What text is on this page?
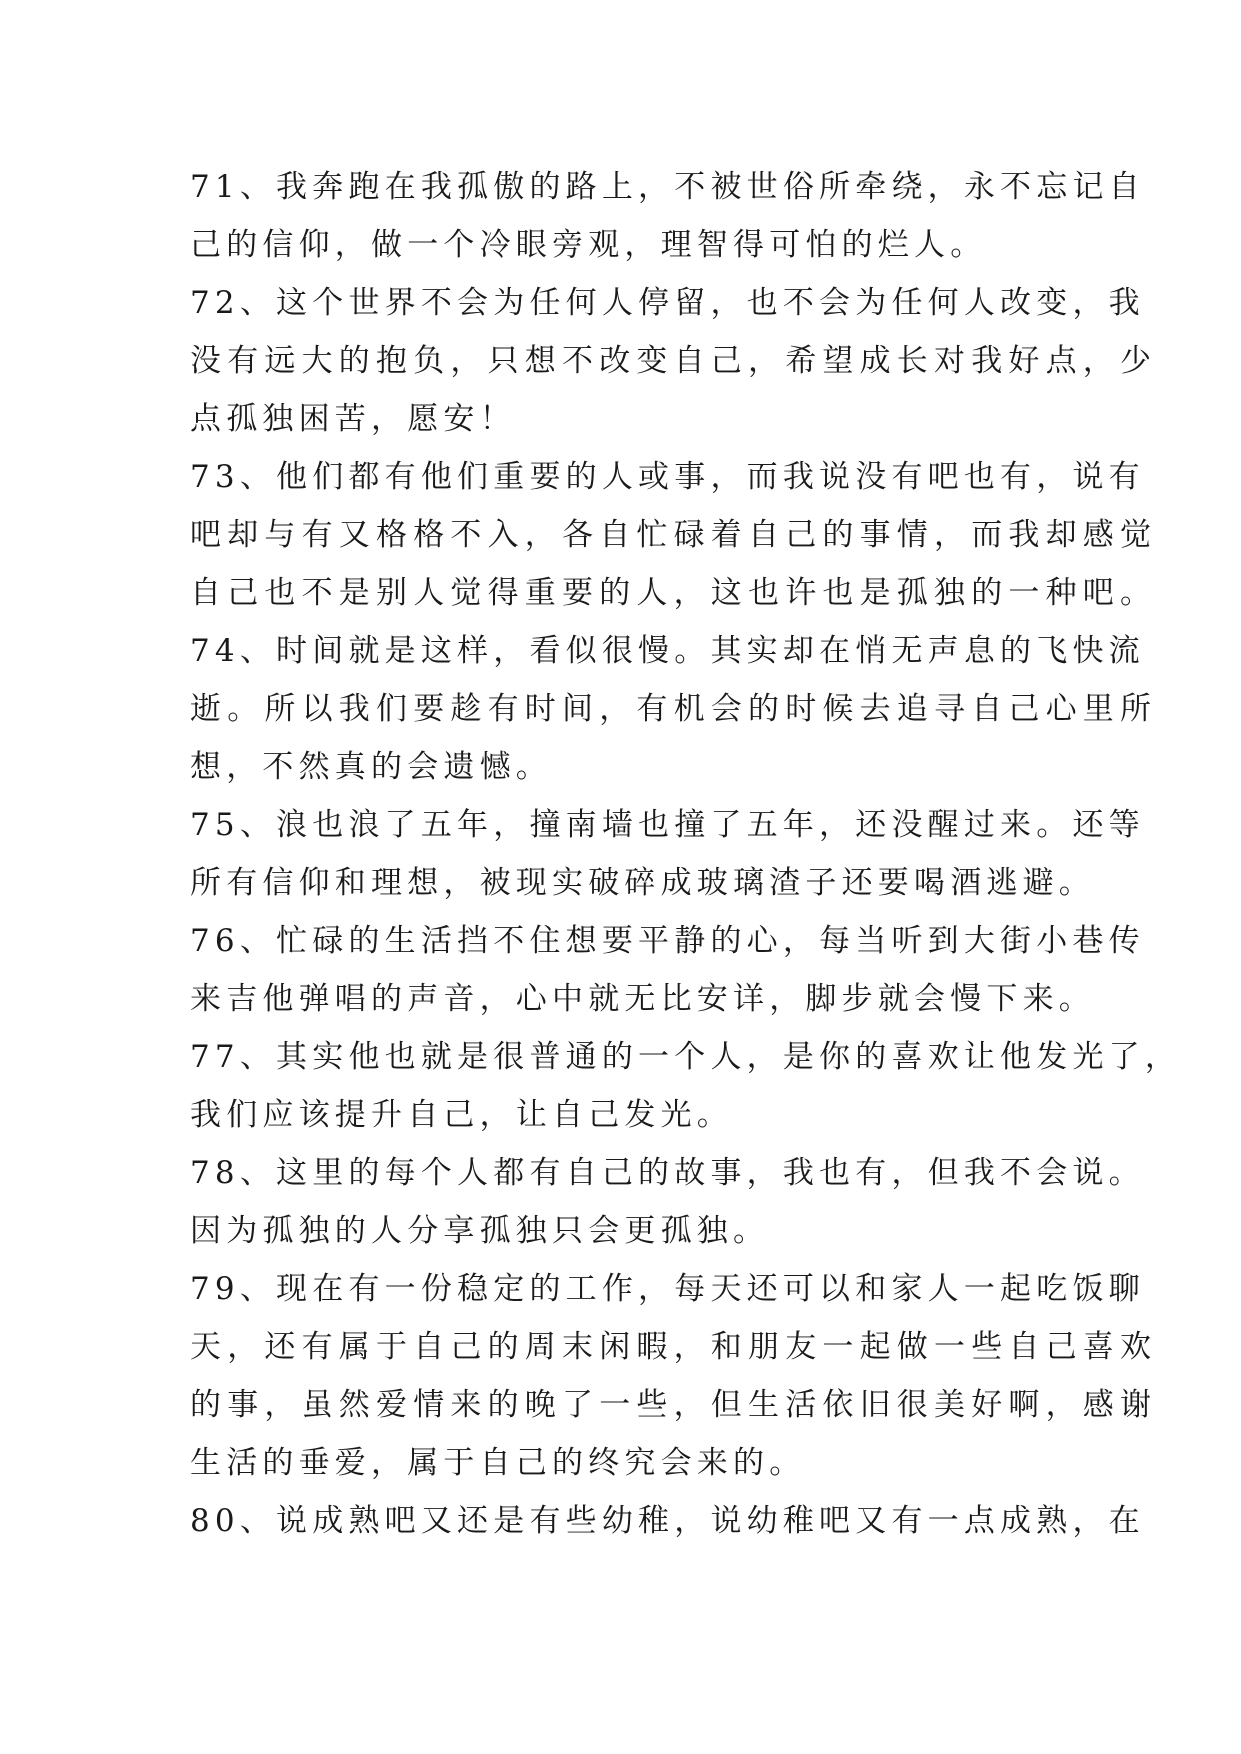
71、我奔跑在我孤傲的路上，不被世俗所牵绕，永不忘记自
己的信仰，做一个冷眼旁观，理智得可怕的烂人。
72、这个世界不会为任何人停留，也不会为任何人改变，我
没有远大的抱负，只想不改变自己，希望成长对我好点，少
点孤独困苦，愿安！
73、他们都有他们重要的人或事，而我说没有吧也有，说有
吧却与有又格格不入，各自忙碌着自己的事情，而我却感觉
自己也不是别人觉得重要的人，这也许也是孤独的一种吧。
74、时间就是这样，看似很慢。其实却在悄无声息的飞快流
逝。所以我们要趁有时间，有机会的时候去追寻自己心里所
想，不然真的会遗憾。
75、浪也浪了五年，撞南墙也撞了五年，还没醒过来。还等
所有信仰和理想，被现实破碎成玻璃渣子还要喝酒逃避。
76、忙碌的生活挡不住想要平静的心，每当听到大街小巷传
来吉他弹唱的声音，心中就无比安详，脚步就会慢下来。
77、其实他也就是很普通的一个人，是你的喜欢让他发光了，
我们应该提升自己，让自己发光。
78、这里的每个人都有自己的故事，我也有，但我不会说。
因为孤独的人分享孤独只会更孤独。
79、现在有一份稳定的工作，每天还可以和家人一起吃饭聊
天，还有属于自己的周末闲暇，和朋友一起做一些自己喜欢
的事，虽然爱情来的晚了一些，但生活依旧很美好啊，感谢
生活的垂爱，属于自己的终究会来的。
80、说成熟吧又还是有些幼稚，说幼稚吧又有一点成熟，在
